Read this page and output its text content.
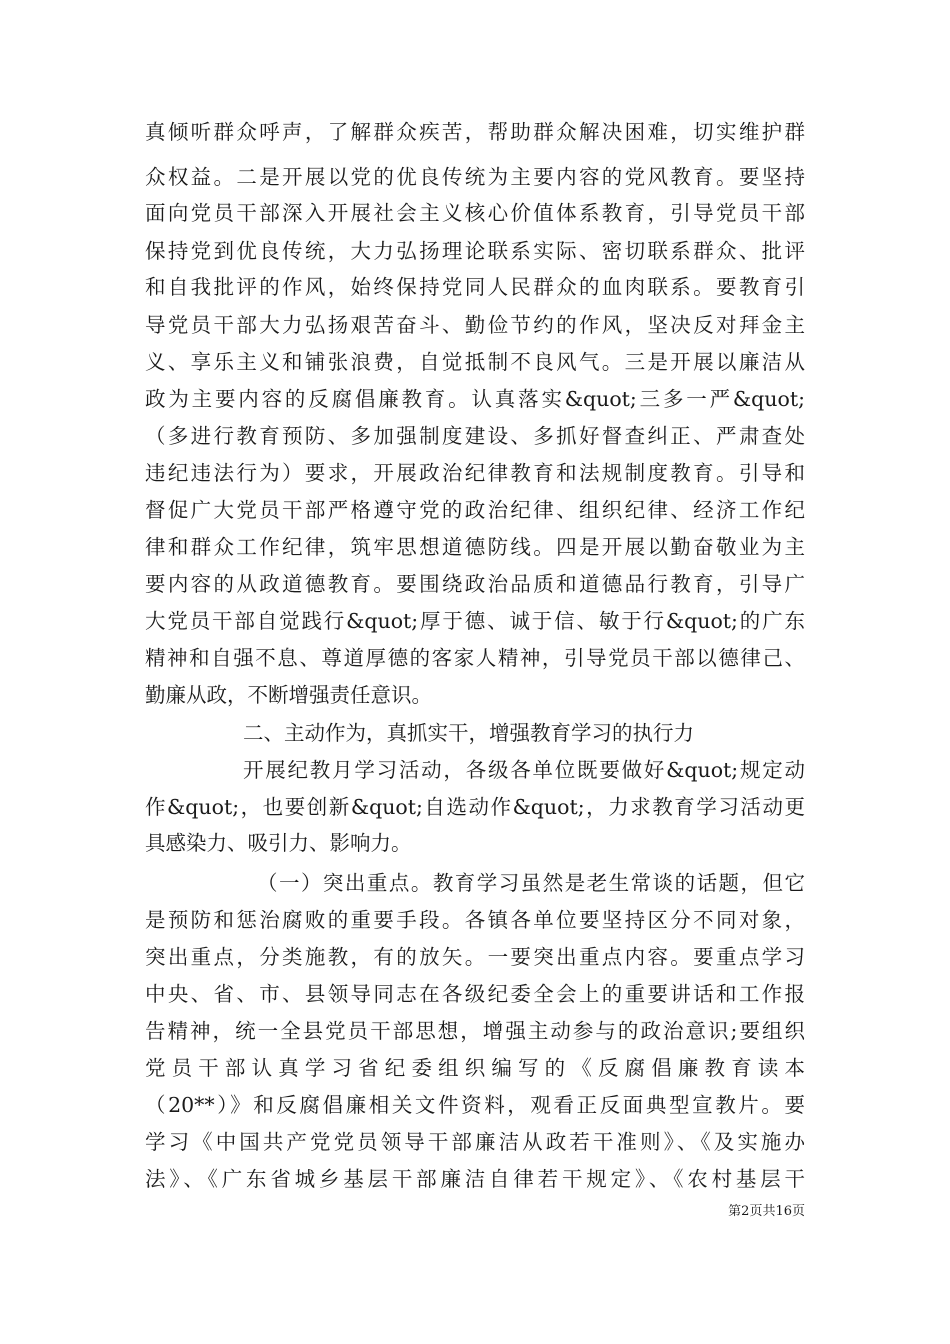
真倾听群众呼声，了解群众疾苦，帮助群众解决困难，切实维护群
众权益。二是开展以党的优良传统为主要内容的党风教育。要坚持
面向党员干部深入开展社会主义核心价值体系教育，引导党员干部
保持党到优良传统，大力弘扬理论联系实际、密切联系群众、批评
和自我批评的作风，始终保持党同人民群众的血肉联系。要教育引
导党员干部大力弘扬艰苦奋斗、勤俭节约的作风，坚决反对拜金主
义、享乐主义和铺张浪费，自觉抵制不良风气。三是开展以廉洁从
政为主要内容的反腐倡廉教育。认真落实&quot;三多一严&quot;
（多进行教育预防、多加强制度建设、多抓好督查纠正、严肃查处
违纪违法行为）要求，开展政治纪律教育和法规制度教育。引导和
督促广大党员干部严格遵守党的政治纪律、组织纪律、经济工作纪
律和群众工作纪律，筑牢思想道德防线。四是开展以勤奋敬业为主
要内容的从政道德教育。要围绕政治品质和道德品行教育，引导广
大党员干部自觉践行&quot;厚于德、诚于信、敏于行&quot;的广东
精神和自强不息、尊道厚德的客家人精神，引导党员干部以德律己、
勤廉从政，不断增强责任意识。
二、主动作为，真抓实干，增强教育学习的执行力
开展纪教月学习活动，各级各单位既要做好&quot;规定动
作&quot;，也要创新&quot;自选动作&quot;，力求教育学习活动更
具感染力、吸引力、影响力。
（一）突出重点。教育学习虽然是老生常谈的话题，但它
是预防和惩治腐败的重要手段。各镇各单位要坚持区分不同对象，
突出重点，分类施教，有的放矢。一要突出重点内容。要重点学习
中央、省、市、县领导同志在各级纪委全会上的重要讲话和工作报
告精神，统一全县党员干部思想，增强主动参与的政治意识;要组织
党员干部认真学习省纪委组织编写的《反腐倡廉教育读本
（20**）》和反腐倡廉相关文件资料，观看正反面典型宣教片。要
学习《中国共产党党员领导干部廉洁从政若干准则》、《及实施办
法》、《广东省城乡基层干部廉洁自律若干规定》、《农村基层干
第2页共16页
